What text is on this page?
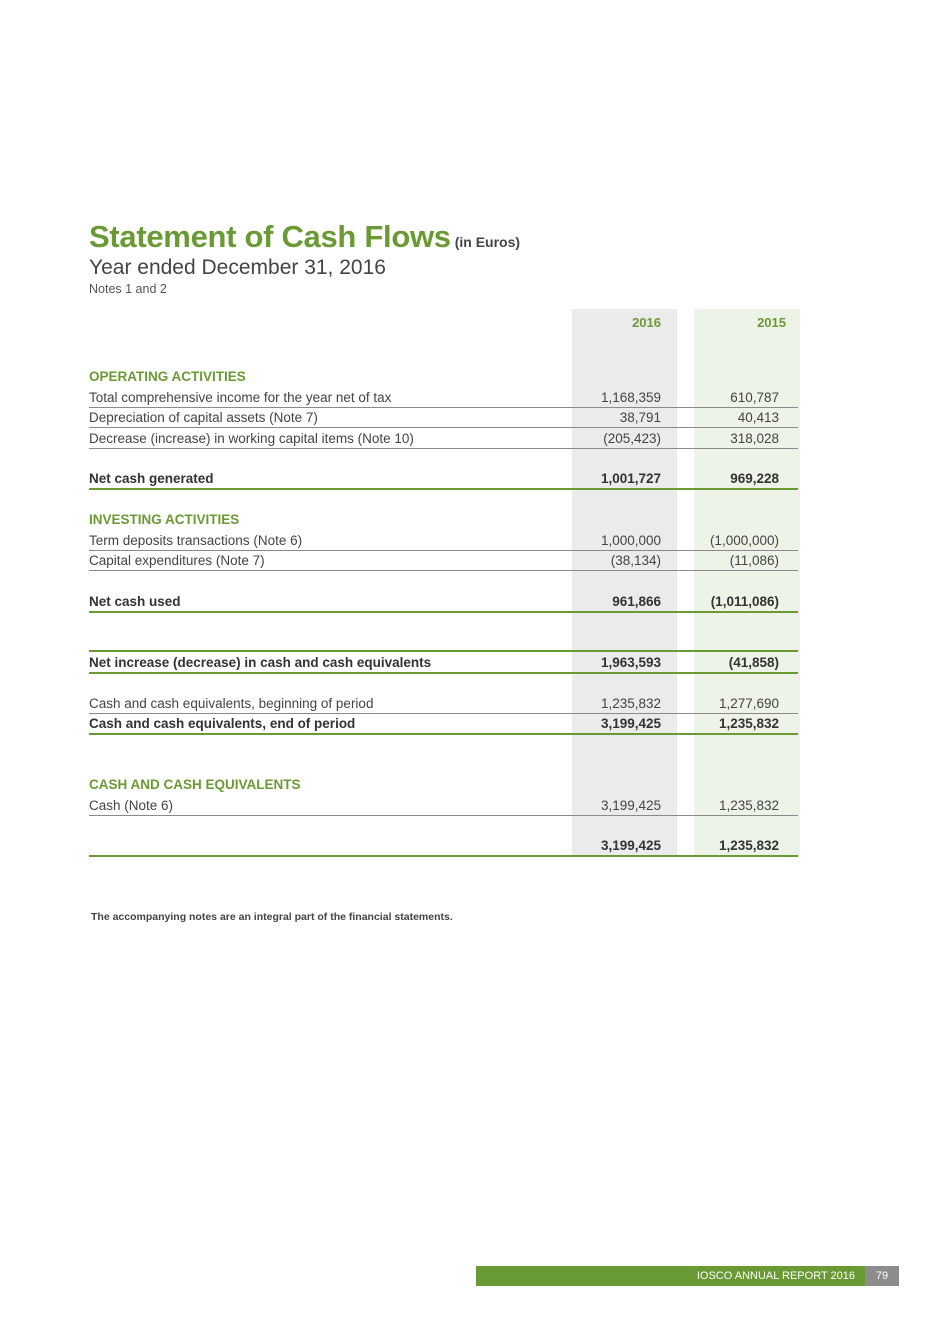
Statement of Cash Flows (in Euros)
Year ended December 31, 2016
Notes 1 and 2
2016	2015
OPERATING ACTIVITIES
Total comprehensive income for the year net of tax	1,168,359	610,787
Depreciation of capital assets (Note 7)	38,791	40,413
Decrease (increase) in working capital items (Note 10)	(205,423)	318,028
Net cash generated	1,001,727	969,228
INVESTING ACTIVITIES
Term deposits transactions (Note 6)	1,000,000	(1,000,000)
Capital expenditures (Note 7)	(38,134)	(11,086)
Net cash used	961,866	(1,011,086)
Net increase (decrease) in cash and cash equivalents	1,963,593	(41,858)
Cash and cash equivalents, beginning of period	1,235,832	1,277,690
Cash and cash equivalents, end of period	3,199,425	1,235,832
CASH AND CASH EQUIVALENTS
Cash (Note 6)	3,199,425	1,235,832
3,199,425	1,235,832
The accompanying notes are an integral part of the financial statements.
IOSCO ANNUAL REPORT 2016	79
